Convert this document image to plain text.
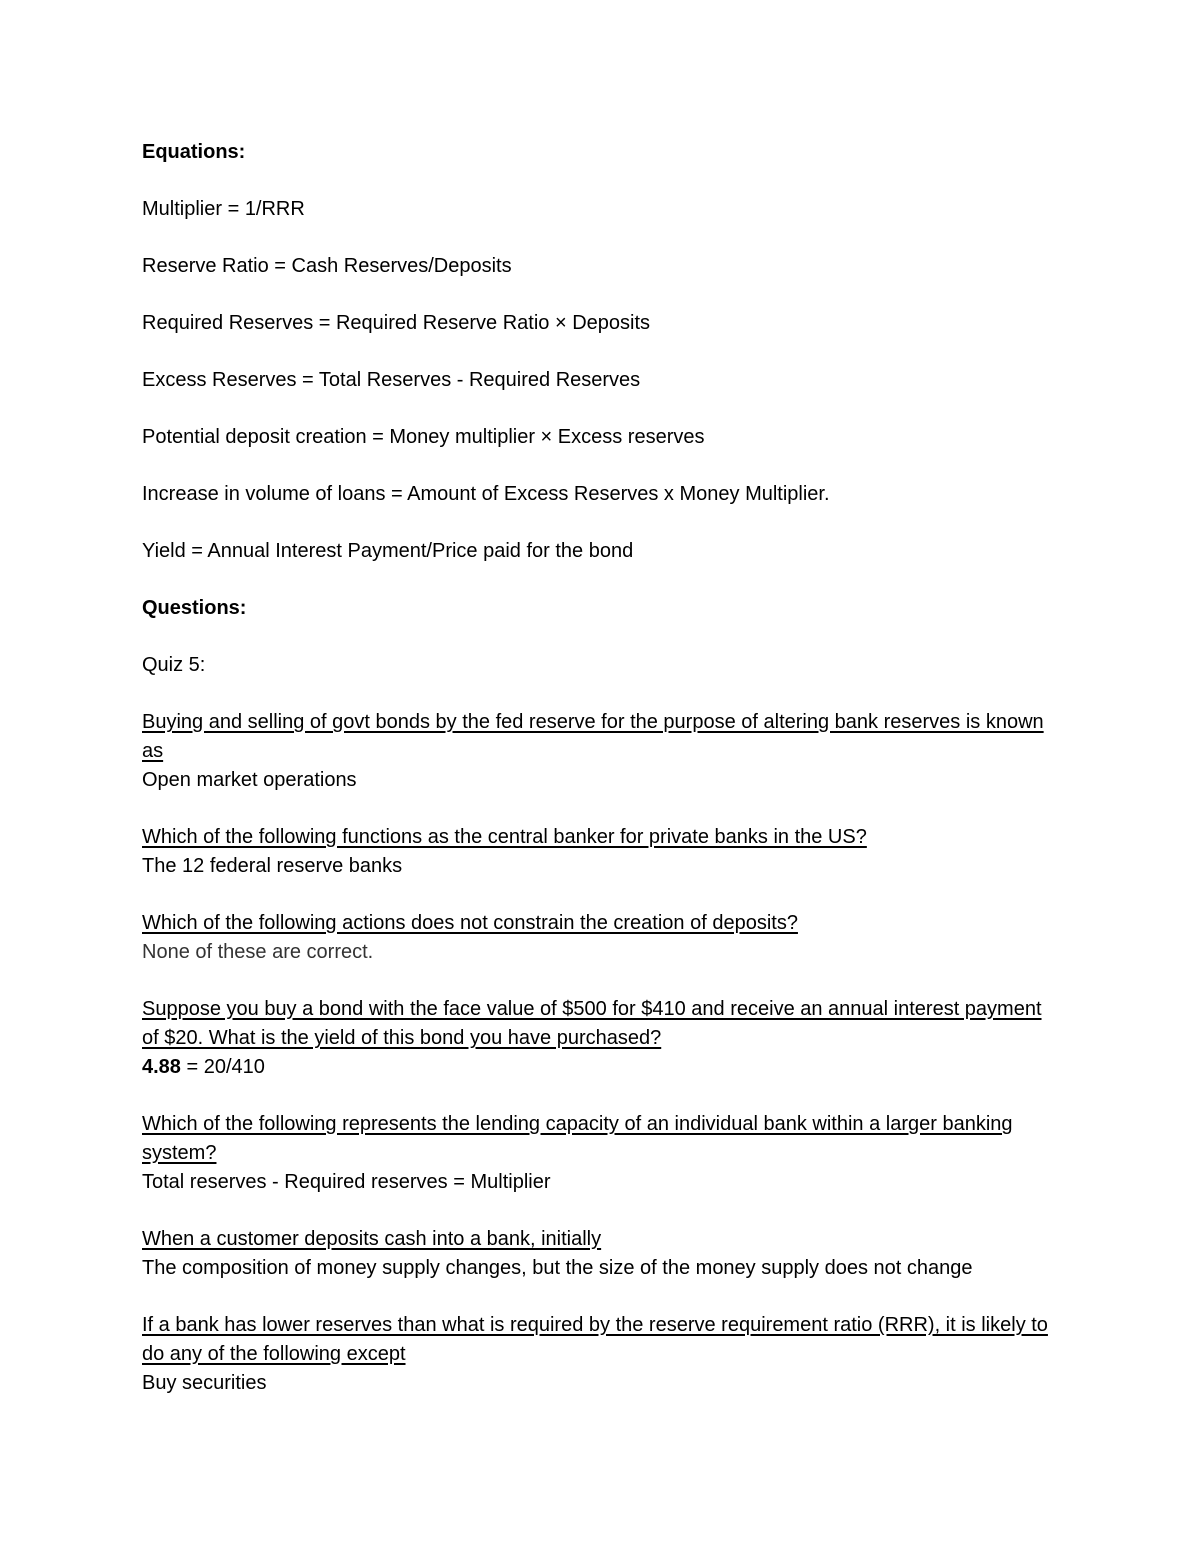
Equations:

Multiplier = 1/RRR

Reserve Ratio = Cash Reserves/Deposits

Required Reserves = Required Reserve Ratio × Deposits

Excess Reserves = Total Reserves - Required Reserves

Potential deposit creation = Money multiplier × Excess reserves

Increase in volume of loans = Amount of Excess Reserves x Money Multiplier.

Yield = Annual Interest Payment/Price paid for the bond

Questions:

Quiz 5:

Buying and selling of govt bonds by the fed reserve for the purpose of altering bank reserves is known as

Open market operations

Which of the following functions as the central banker for private banks in the US?

The 12 federal reserve banks

Which of the following actions does not constrain the creation of deposits?

None of these are correct.

Suppose you buy a bond with the face value of $500 for $410 and receive an annual interest payment of $20. What is the yield of this bond you have purchased?

4.88 = 20/410

Which of the following represents the lending capacity of an individual bank within a larger banking system?

Total reserves - Required reserves = Multiplier

When a customer deposits cash into a bank, initially

The composition of money supply changes, but the size of the money supply does not change

If a bank has lower reserves than what is required by the reserve requirement ratio (RRR), it is likely to do any of the following except

Buy securities
